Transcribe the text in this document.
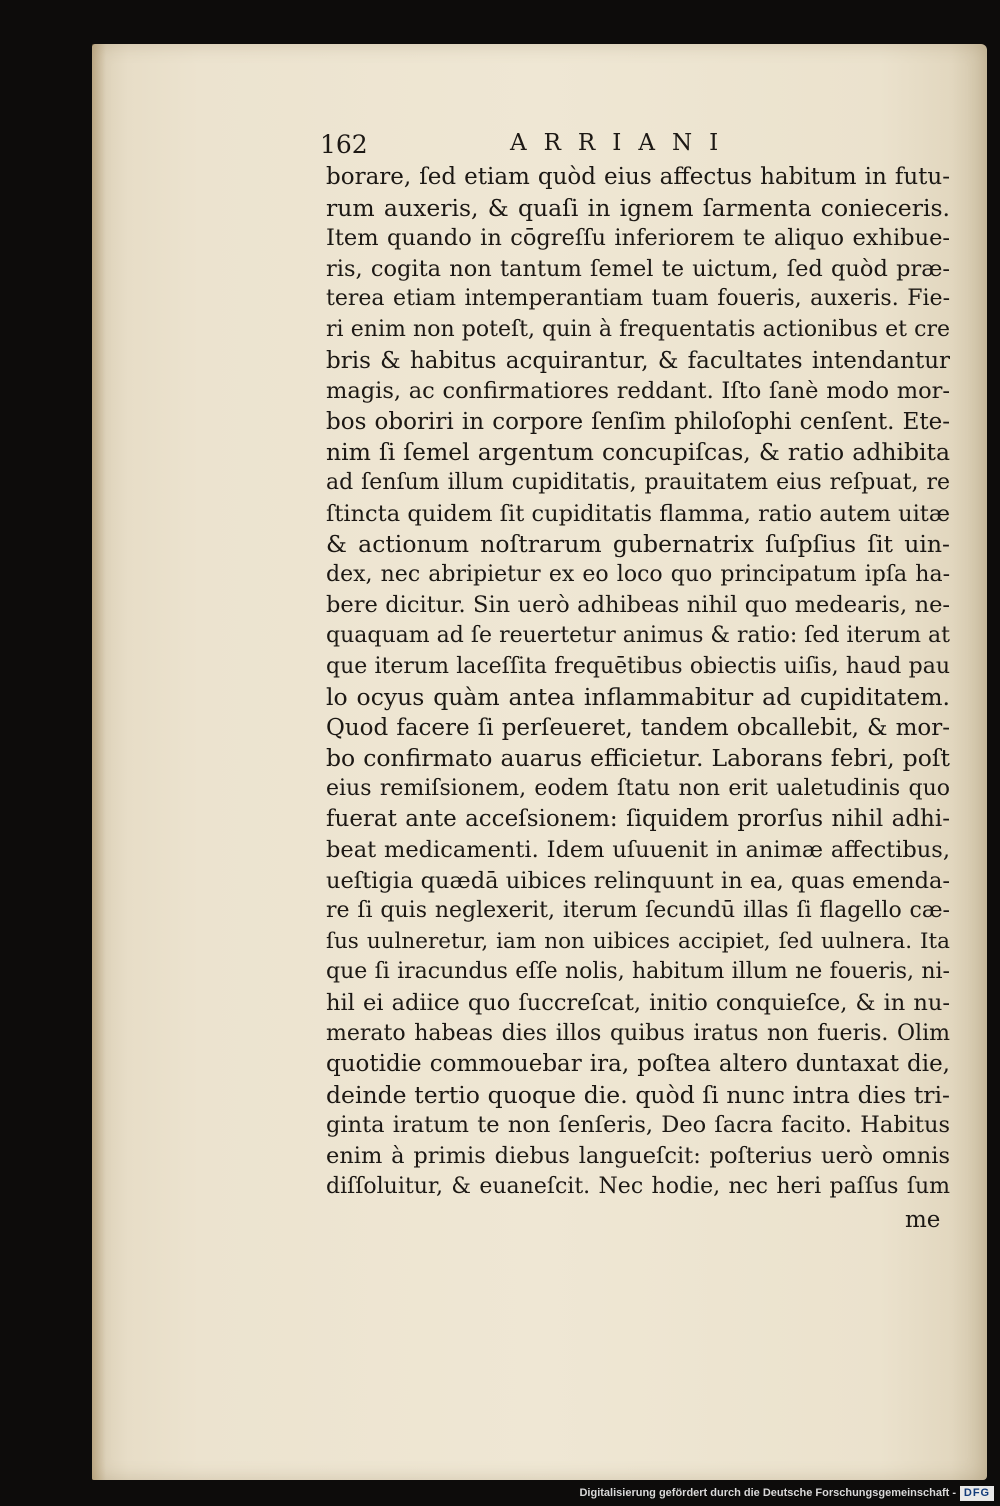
162	ARRIANI
borare, ſed etiam quòd eius affectus habitum in futu-
rum auxeris, & quaſi in ignem ſarmenta conieceris.
Item quando in cōgreſſu inferiorem te aliquo exhibue-
ris, cogita non tantum ſemel te uictum, ſed quòd præ-
terea etiam intemperantiam tuam foueris, auxeris. Fie-
ri enim non poteſt, quin à frequentatis actionibus et cre
bris & habitus acquirantur, & facultates intendantur
magis, ac confirmatiores reddant. Iſto ſanè modo mor-
bos oboriri in corpore ſenſim philoſophi cenſent. Ete-
nim ſi ſemel argentum concupiſcas, & ratio adhibita
ad ſenſum illum cupiditatis, prauitatem eius reſpuat, re
ſtincta quidem ſit cupiditatis flamma, ratio autem uitæ
& actionum noſtrarum gubernatrix ſuſpſius ſit uin-
dex, nec abripietur ex eo loco quo principatum ipſa ha-
bere dicitur. Sin uerò adhibeas nihil quo medearis, ne-
quaquam ad ſe reuertetur animus & ratio: ſed iterum at
que iterum laceſſita frequētibus obiectis uiſis, haud pau
lo ocyus quàm antea inflammabitur ad cupiditatem.
Quod facere ſi perſeueret, tandem obcallebit, & mor-
bo confirmato auarus efficietur. Laborans febri, poſt
eius remiſsionem, eodem ſtatu non erit ualetudinis quo
fuerat ante acceſsionem: ſiquidem prorſus nihil adhi-
beat medicamenti. Idem uſuuenit in animæ affectibus,
ueſtigia quædā uibices relinquunt in ea, quas emenda-
re ſi quis neglexerit, iterum ſecundū illas ſi flagello cæ-
ſus uulneretur, iam non uibices accipiet, ſed uulnera. Ita
que ſi iracundus eſſe nolis, habitum illum ne foueris, ni-
hil ei adiice quo ſuccreſcat, initio conquieſce, & in nu-
merato habeas dies illos quibus iratus non fueris. Olim
quotidie commouebar ira, poſtea altero duntaxat die,
deinde tertio quoque die. quòd ſi nunc intra dies tri-
ginta iratum te non ſenſeris, Deo ſacra facito. Habitus
enim à primis diebus langueſcit: poſterius uerò omnis
diſſoluitur, & euaneſcit. Nec hodie, nec heri paſſus ſum
me
Digitalisierung gefördert durch die Deutsche Forschungsgemeinschaft - DFG
